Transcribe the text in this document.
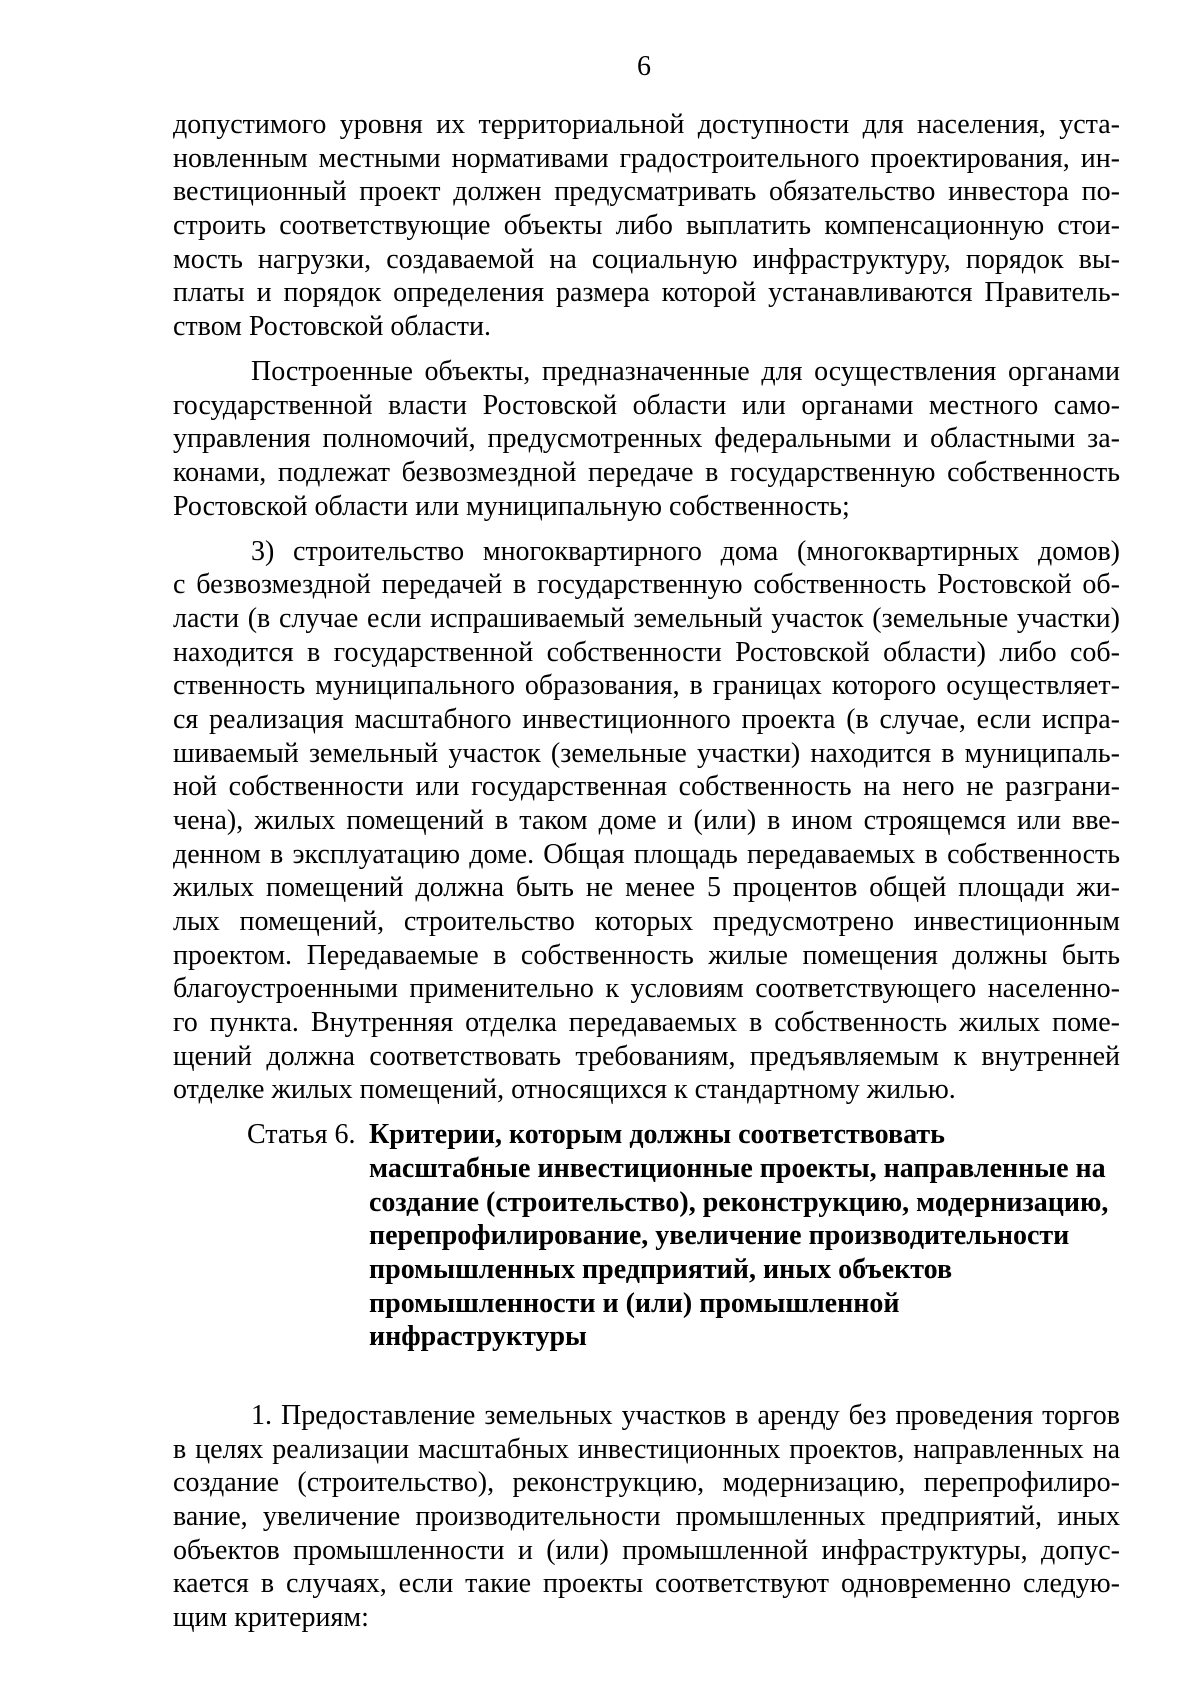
6
допустимого уровня их территориальной доступности для населения, уста-
новленным местными нормативами градостроительного проектирования, ин-
вестиционный проект должен предусматривать обязательство инвестора по-
строить соответствующие объекты либо выплатить компенсационную стои-
мость нагрузки, создаваемой на социальную инфраструктуру, порядок вы-
платы и порядок определения размера которой устанавливаются Правитель-
ством Ростовской области.
Построенные объекты, предназначенные для осуществления органами
государственной власти Ростовской области или органами местного само-
управления полномочий, предусмотренных федеральными и областными за-
конами, подлежат безвозмездной передаче в государственную собственность
Ростовской области или муниципальную собственность;
3) строительство многоквартирного дома (многоквартирных домов)
с безвозмездной передачей в государственную собственность Ростовской об-
ласти (в случае если испрашиваемый земельный участок (земельные участки)
находится в государственной собственности Ростовской области) либо соб-
ственность муниципального образования, в границах которого осуществляет-
ся реализация масштабного инвестиционного проекта (в случае, если испра-
шиваемый земельный участок (земельные участки) находится в муниципаль-
ной собственности или государственная собственность на него не разграни-
чена), жилых помещений в таком доме и (или) в ином строящемся или вве-
денном в эксплуатацию доме. Общая площадь передаваемых в собственность
жилых помещений должна быть не менее 5 процентов общей площади жи-
лых помещений, строительство которых предусмотрено инвестиционным
проектом. Передаваемые в собственность жилые помещения должны быть
благоустроенными применительно к условиям соответствующего населенно-
го пункта. Внутренняя отделка передаваемых в собственность жилых поме-
щений должна соответствовать требованиям, предъявляемым к внутренней
отделке жилых помещений, относящихся к стандартному жилью.
Статья 6. Критерии, которым должны соответствовать
масштабные инвестиционные проекты, направленные на
создание (строительство), реконструкцию, модернизацию,
перепрофилирование, увеличение производительности
промышленных предприятий, иных объектов
промышленности и (или) промышленной
инфраструктуры
1. Предоставление земельных участков в аренду без проведения торгов
в целях реализации масштабных инвестиционных проектов, направленных на
создание (строительство), реконструкцию, модернизацию, перепрофилиро-
вание, увеличение производительности промышленных предприятий, иных
объектов промышленности и (или) промышленной инфраструктуры, допус-
кается в случаях, если такие проекты соответствуют одновременно следую-
щим критериям:
